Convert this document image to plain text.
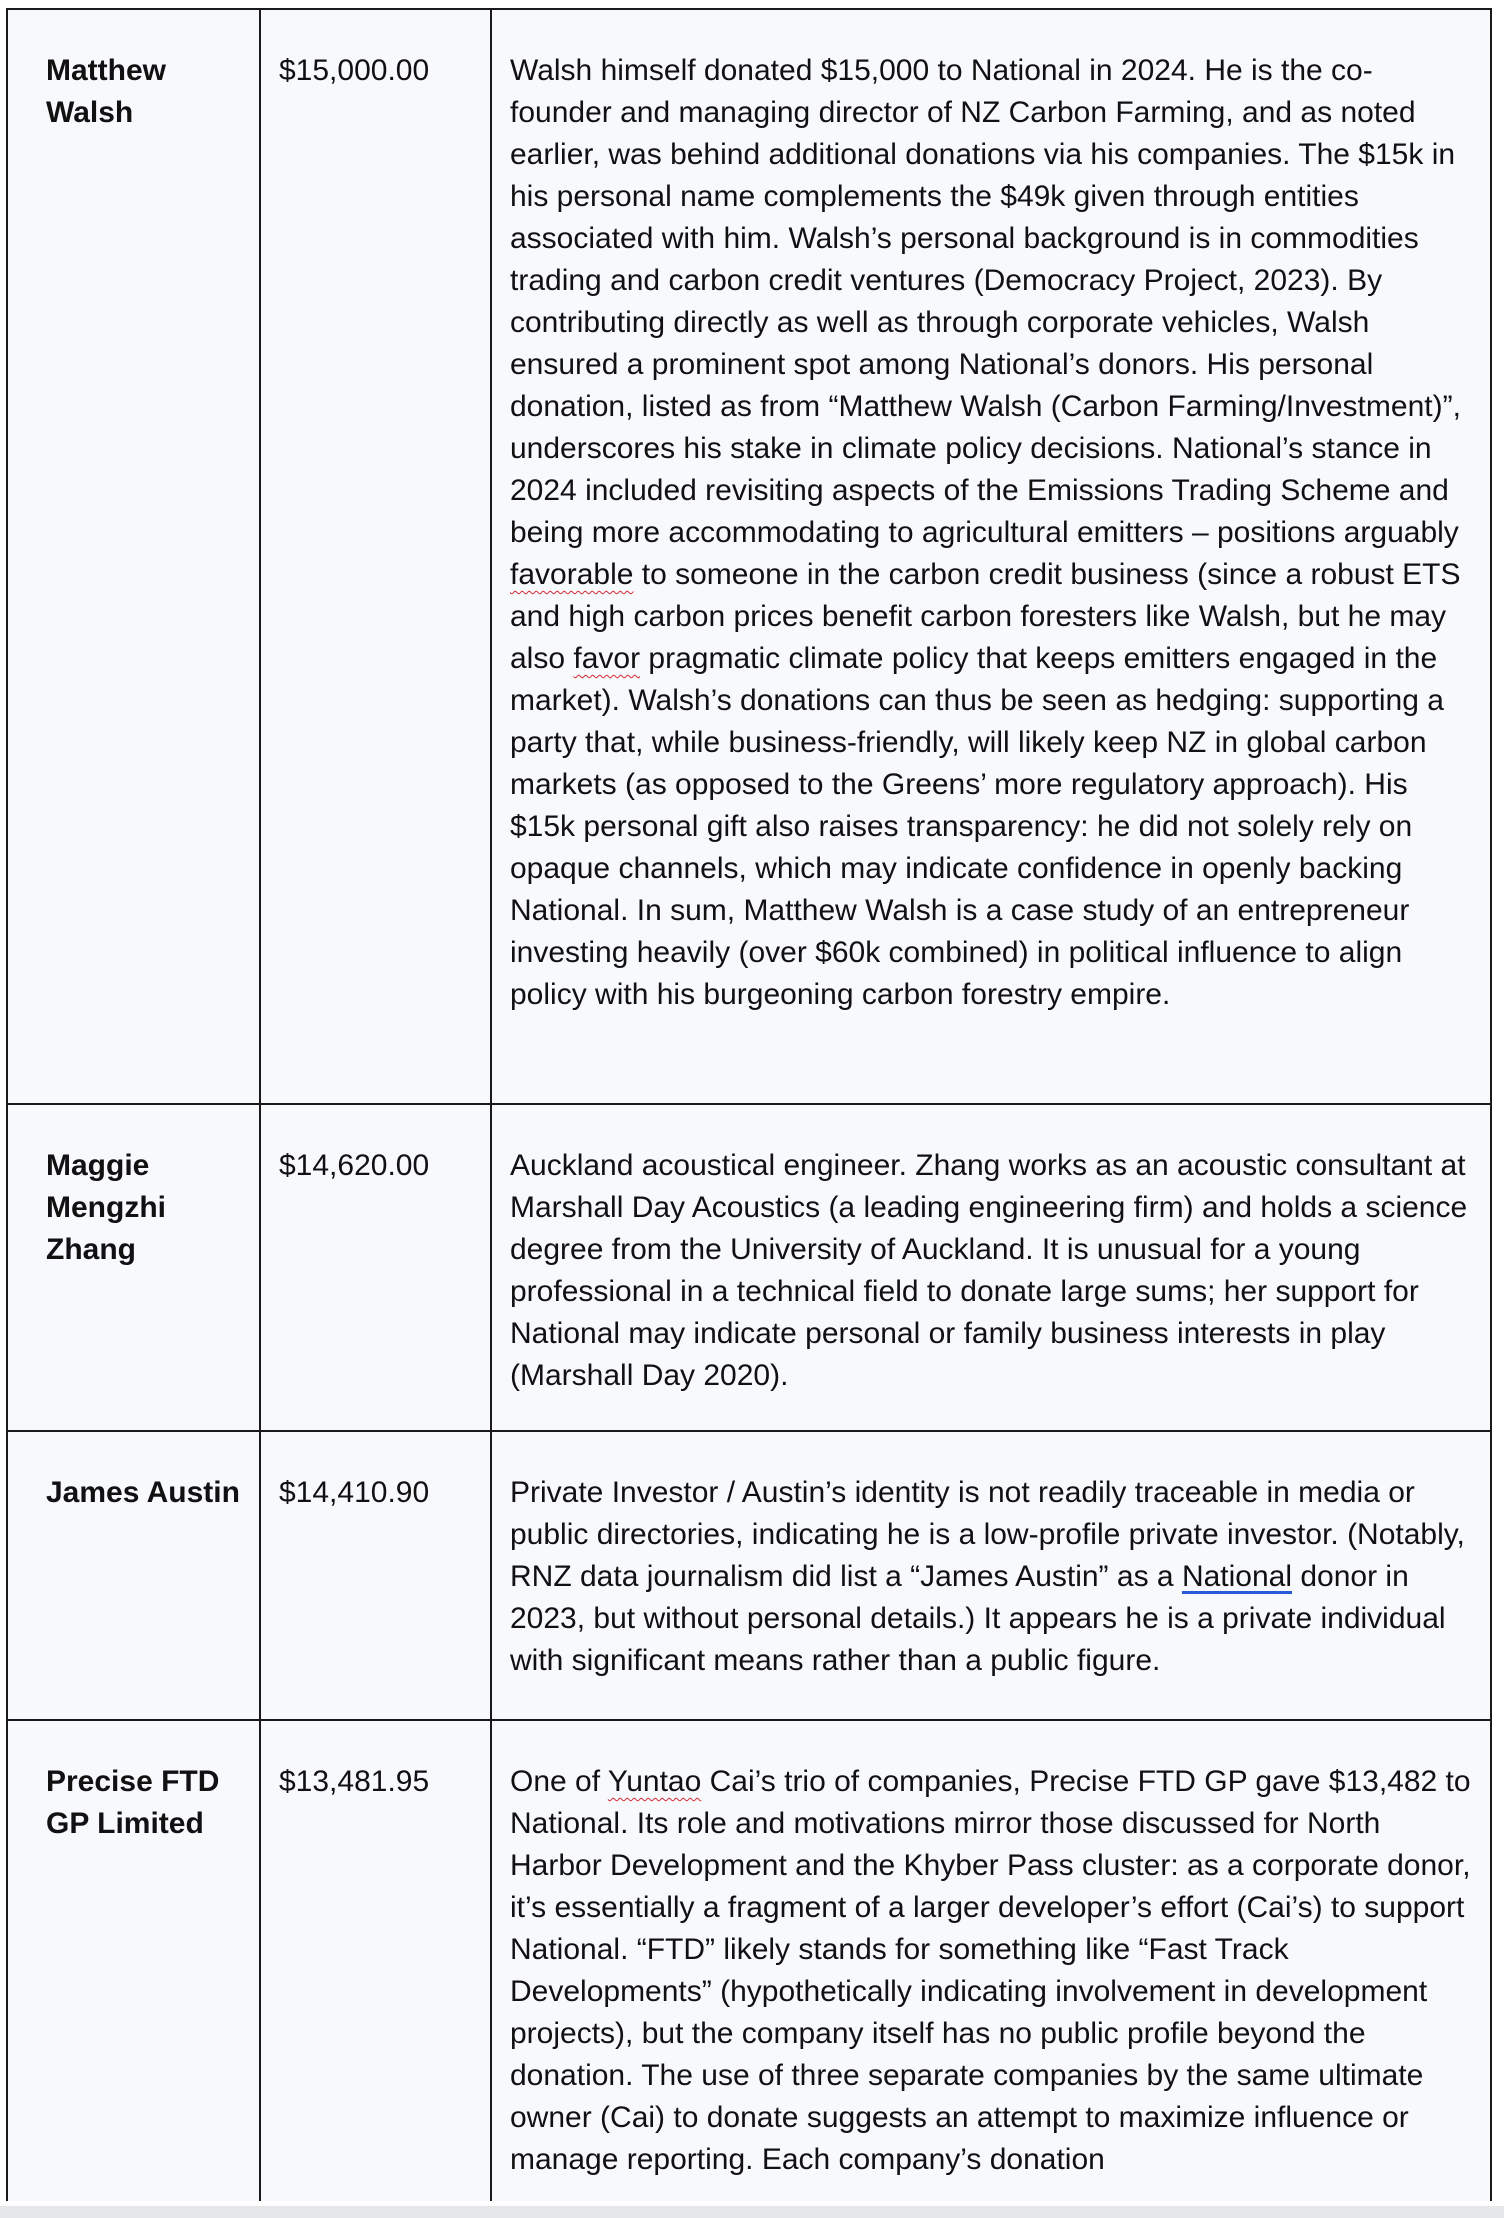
Matthew Walsh	$15,000.00	Walsh himself donated $15,000 to National in 2024. He is the co-founder and managing director of NZ Carbon Farming, and as noted earlier, was behind additional donations via his companies. The $15k in his personal name complements the $49k given through entities associated with him. Walsh’s personal background is in commodities trading and carbon credit ventures (Democracy Project, 2023). By contributing directly as well as through corporate vehicles, Walsh ensured a prominent spot among National’s donors. His personal donation, listed as from “Matthew Walsh (Carbon Farming/Investment)”, underscores his stake in climate policy decisions. National’s stance in 2024 included revisiting aspects of the Emissions Trading Scheme and being more accommodating to agricultural emitters – positions arguably favorable to someone in the carbon credit business (since a robust ETS and high carbon prices benefit carbon foresters like Walsh, but he may also favor pragmatic climate policy that keeps emitters engaged in the market). Walsh’s donations can thus be seen as hedging: supporting a party that, while business-friendly, will likely keep NZ in global carbon markets (as opposed to the Greens’ more regulatory approach). His $15k personal gift also raises transparency: he did not solely rely on opaque channels, which may indicate confidence in openly backing National. In sum, Matthew Walsh is a case study of an entrepreneur investing heavily (over $60k combined) in political influence to align policy with his burgeoning carbon forestry empire.

Maggie Mengzhi Zhang	$14,620.00	Auckland acoustical engineer. Zhang works as an acoustic consultant at Marshall Day Acoustics (a leading engineering firm) and holds a science degree from the University of Auckland. It is unusual for a young professional in a technical field to donate large sums; her support for National may indicate personal or family business interests in play (Marshall Day 2020).

James Austin	$14,410.90	Private Investor / Austin’s identity is not readily traceable in media or public directories, indicating he is a low-profile private investor. (Notably, RNZ data journalism did list a “James Austin” as a National donor in 2023, but without personal details.) It appears he is a private individual with significant means rather than a public figure.
Precise FTD GP Limited	$13,481.95	One of Yuntao Cai’s trio of companies, Precise FTD GP gave $13,482 to National. Its role and motivations mirror those discussed for North Harbor Development and the Khyber Pass cluster: as a corporate donor, it’s essentially a fragment of a larger developer’s effort (Cai’s) to support National. “FTD” likely stands for something like “Fast Track Developments” (hypothetically indicating involvement in development projects), but the company itself has no public profile beyond the donation. The use of three separate companies by the same ultimate owner (Cai) to donate suggests an attempt to maximize influence or manage reporting. Each company’s donation
